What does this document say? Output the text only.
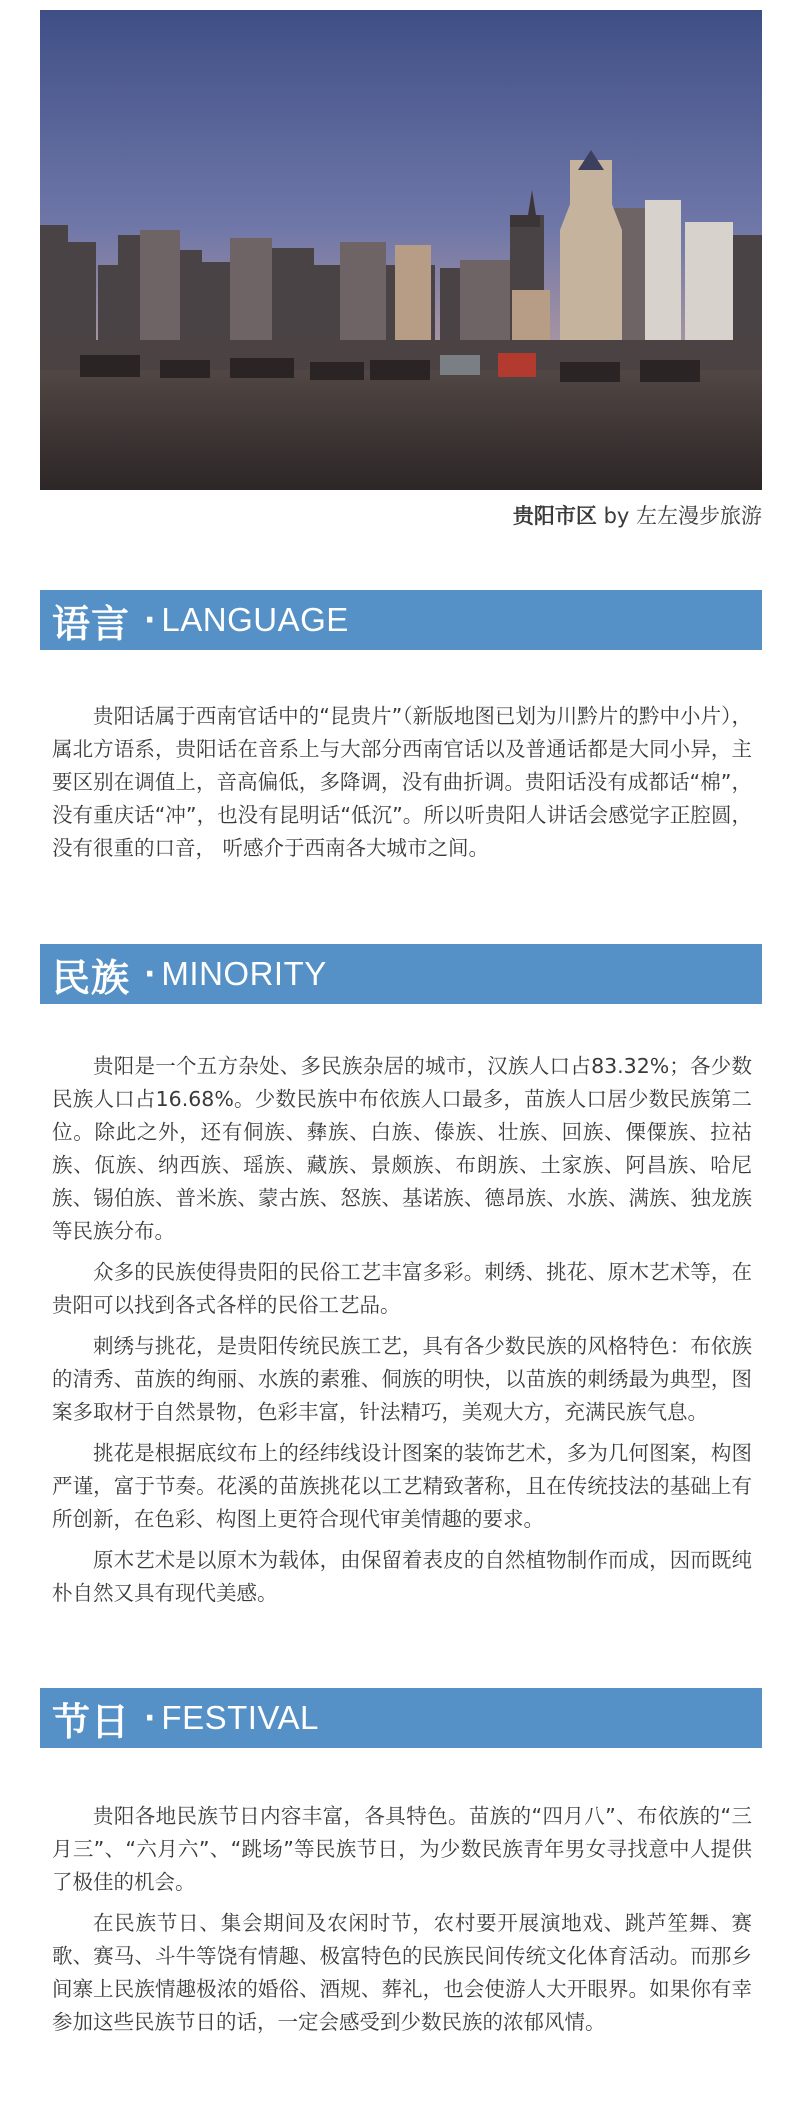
贵阳市区 by 左左漫步旅游
语言 · LANGUAGE

贵阳话属于西南官话中的“昆贵片”（新版地图已划为川黔片的黔中小片），属北方语系，贵阳话在音系上与大部分西南官话以及普通话都是大同小异，主要区别在调值上，音高偏低，多降调，没有曲折调。贵阳话没有成都话“棉”，没有重庆话“冲”，也没有昆明话“低沉”。所以听贵阳人讲话会感觉字正腔圆，没有很重的口音， 听感介于西南各大城市之间。

民族 · MINORITY

贵阳是一个五方杂处、多民族杂居的城市，汉族人口占83.32%；各少数民族人口占16.68%。少数民族中布依族人口最多，苗族人口居少数民族第二位。除此之外，还有侗族、彝族、白族、傣族、壮族、回族、傈僳族、拉祜族、佤族、纳西族、瑶族、藏族、景颇族、布朗族、土家族、阿昌族、哈尼族、锡伯族、普米族、蒙古族、怒族、基诺族、德昂族、水族、满族、独龙族等民族分布。

众多的民族使得贵阳的民俗工艺丰富多彩。刺绣、挑花、原木艺术等，在贵阳可以找到各式各样的民俗工艺品。

刺绣与挑花，是贵阳传统民族工艺，具有各少数民族的风格特色：布依族的清秀、苗族的绚丽、水族的素雅、侗族的明快，以苗族的刺绣最为典型，图案多取材于自然景物，色彩丰富，针法精巧，美观大方，充满民族气息。

挑花是根据底纹布上的经纬线设计图案的装饰艺术，多为几何图案，构图严谨，富于节奏。花溪的苗族挑花以工艺精致著称，且在传统技法的基础上有所创新，在色彩、构图上更符合现代审美情趣的要求。

原木艺术是以原木为载体，由保留着表皮的自然植物制作而成，因而既纯朴自然又具有现代美感。

节日 · FESTIVAL

贵阳各地民族节日内容丰富，各具特色。苗族的“四月八”、布依族的“三月三”、“六月六”、“跳场”等民族节日，为少数民族青年男女寻找意中人提供了极佳的机会。

在民族节日、集会期间及农闲时节，农村要开展演地戏、跳芦笙舞、赛歌、赛马、斗牛等饶有情趣、极富特色的民族民间传统文化体育活动。而那乡间寨上民族情趣极浓的婚俗、酒规、葬礼，也会使游人大开眼界。如果你有幸参加这些民族节日的话，一定会感受到少数民族的浓郁风情。
